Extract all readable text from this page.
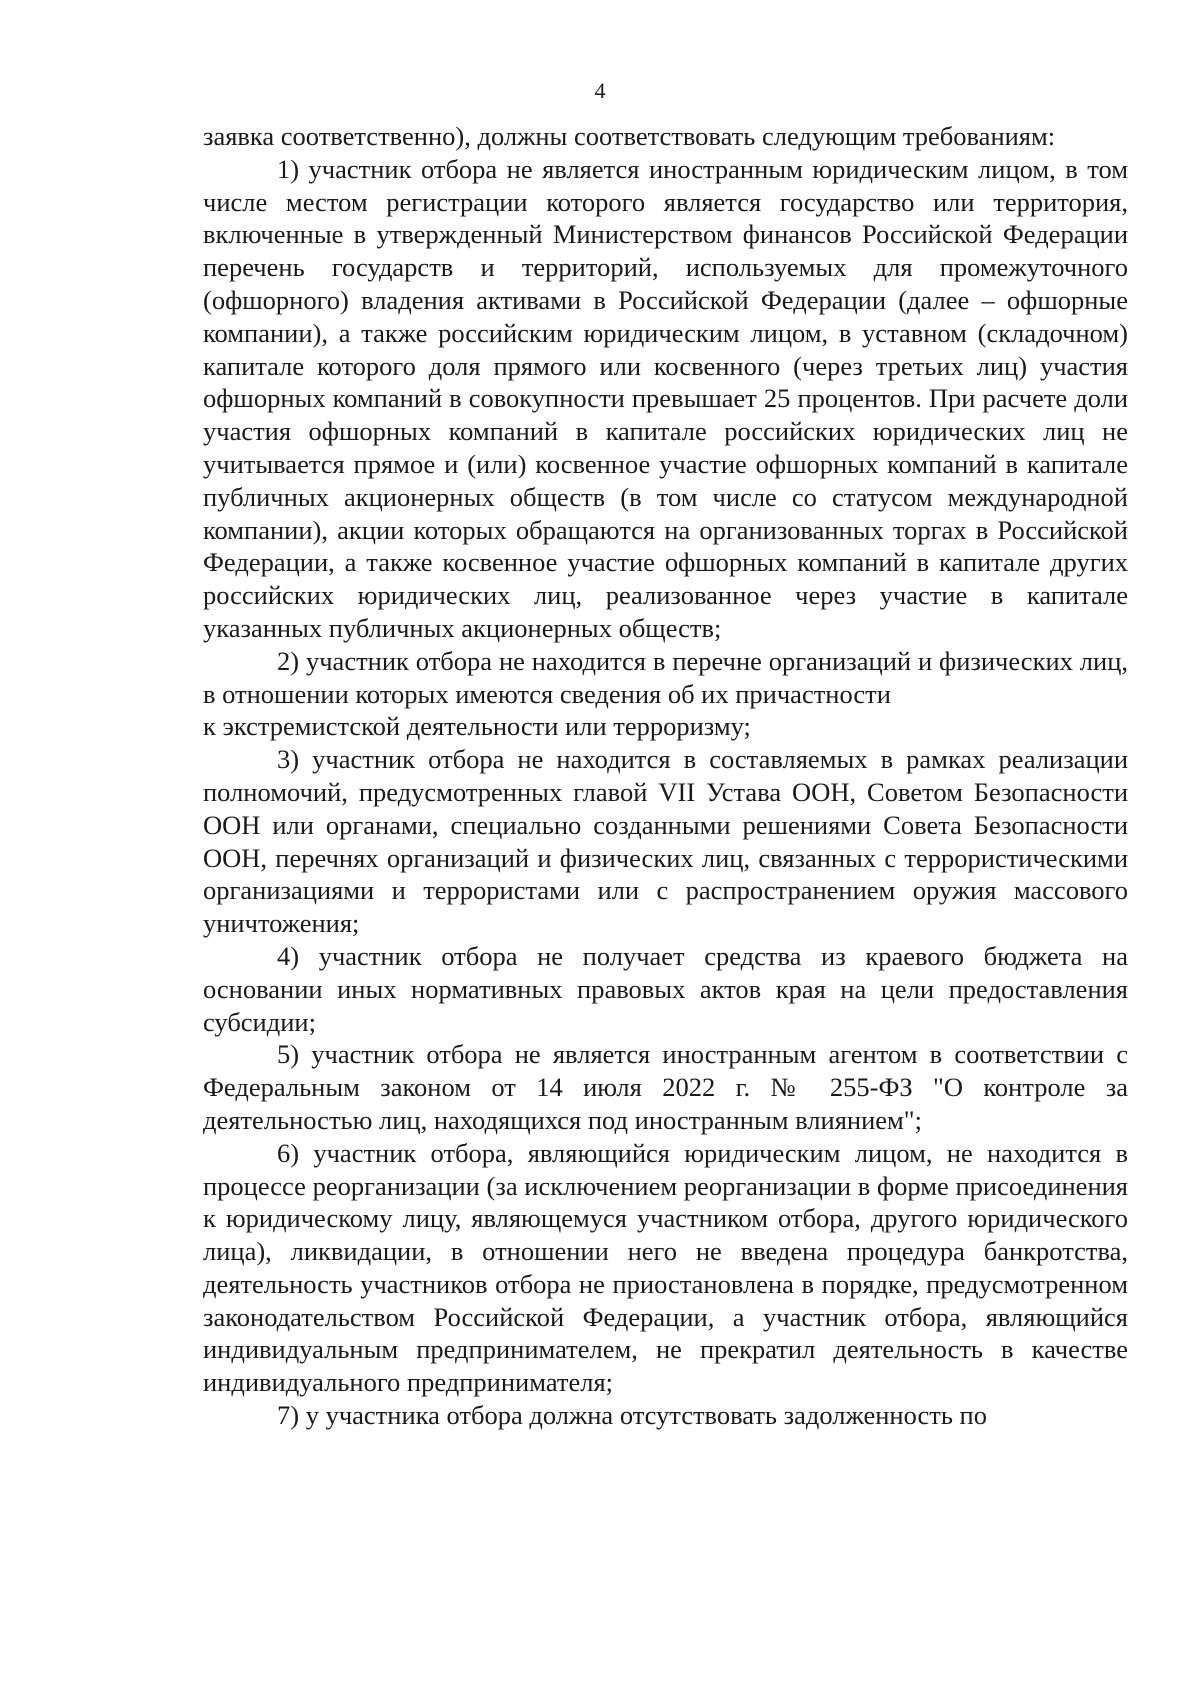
4

заявка соответственно), должны соответствовать следующим требованиям:

1) участник отбора не является иностранным юридическим лицом, в том числе местом регистрации которого является государство или территория, включенные в утвержденный Министерством финансов Российской Федерации перечень государств и территорий, используемых для промежуточного (офшорного) владения активами в Российской Федерации (далее – офшорные компании), а также российским юридическим лицом, в уставном (складочном) капитале которого доля прямого или косвенного (через третьих лиц) участия офшорных компаний в совокупности превышает 25 процентов. При расчете доли участия офшорных компаний в капитале российских юридических лиц не учитывается прямое и (или) косвенное участие офшорных компаний в капитале публичных акционерных обществ (в том числе со статусом международной компании), акции которых обращаются на организованных торгах в Российской Федерации, а также косвенное участие офшорных компаний в капитале других российских юридических лиц, реализованное через участие в капитале указанных публичных акционерных обществ;

2) участник отбора не находится в перечне организаций и физических лиц, в отношении которых имеются сведения об их причастности

к экстремистской деятельности или терроризму;

3) участник отбора не находится в составляемых в рамках реализации полномочий, предусмотренных главой VII Устава ООН, Советом Безопасности ООН или органами, специально созданными решениями Совета Безопасности ООН, перечнях организаций и физических лиц, связанных с террористическими организациями и террористами или с распространением оружия массового уничтожения;

4) участник отбора не получает средства из краевого бюджета на основании иных нормативных правовых актов края на цели предоставления субсидии;

5) участник отбора не является иностранным агентом в соответствии с Федеральным законом от 14 июля 2022 г. № 255-ФЗ "О контроле за деятельностью лиц, находящихся под иностранным влиянием";

6) участник отбора, являющийся юридическим лицом, не находится в процессе реорганизации (за исключением реорганизации в форме присоединения к юридическому лицу, являющемуся участником отбора, другого юридического лица), ликвидации, в отношении него не введена процедура банкротства, деятельность участников отбора не приостановлена в порядке, предусмотренном законодательством Российской Федерации, а участник отбора, являющийся индивидуальным предпринимателем, не прекратил деятельность в качестве индивидуального предпринимателя;

7) у участника отбора должна отсутствовать задолженность по
